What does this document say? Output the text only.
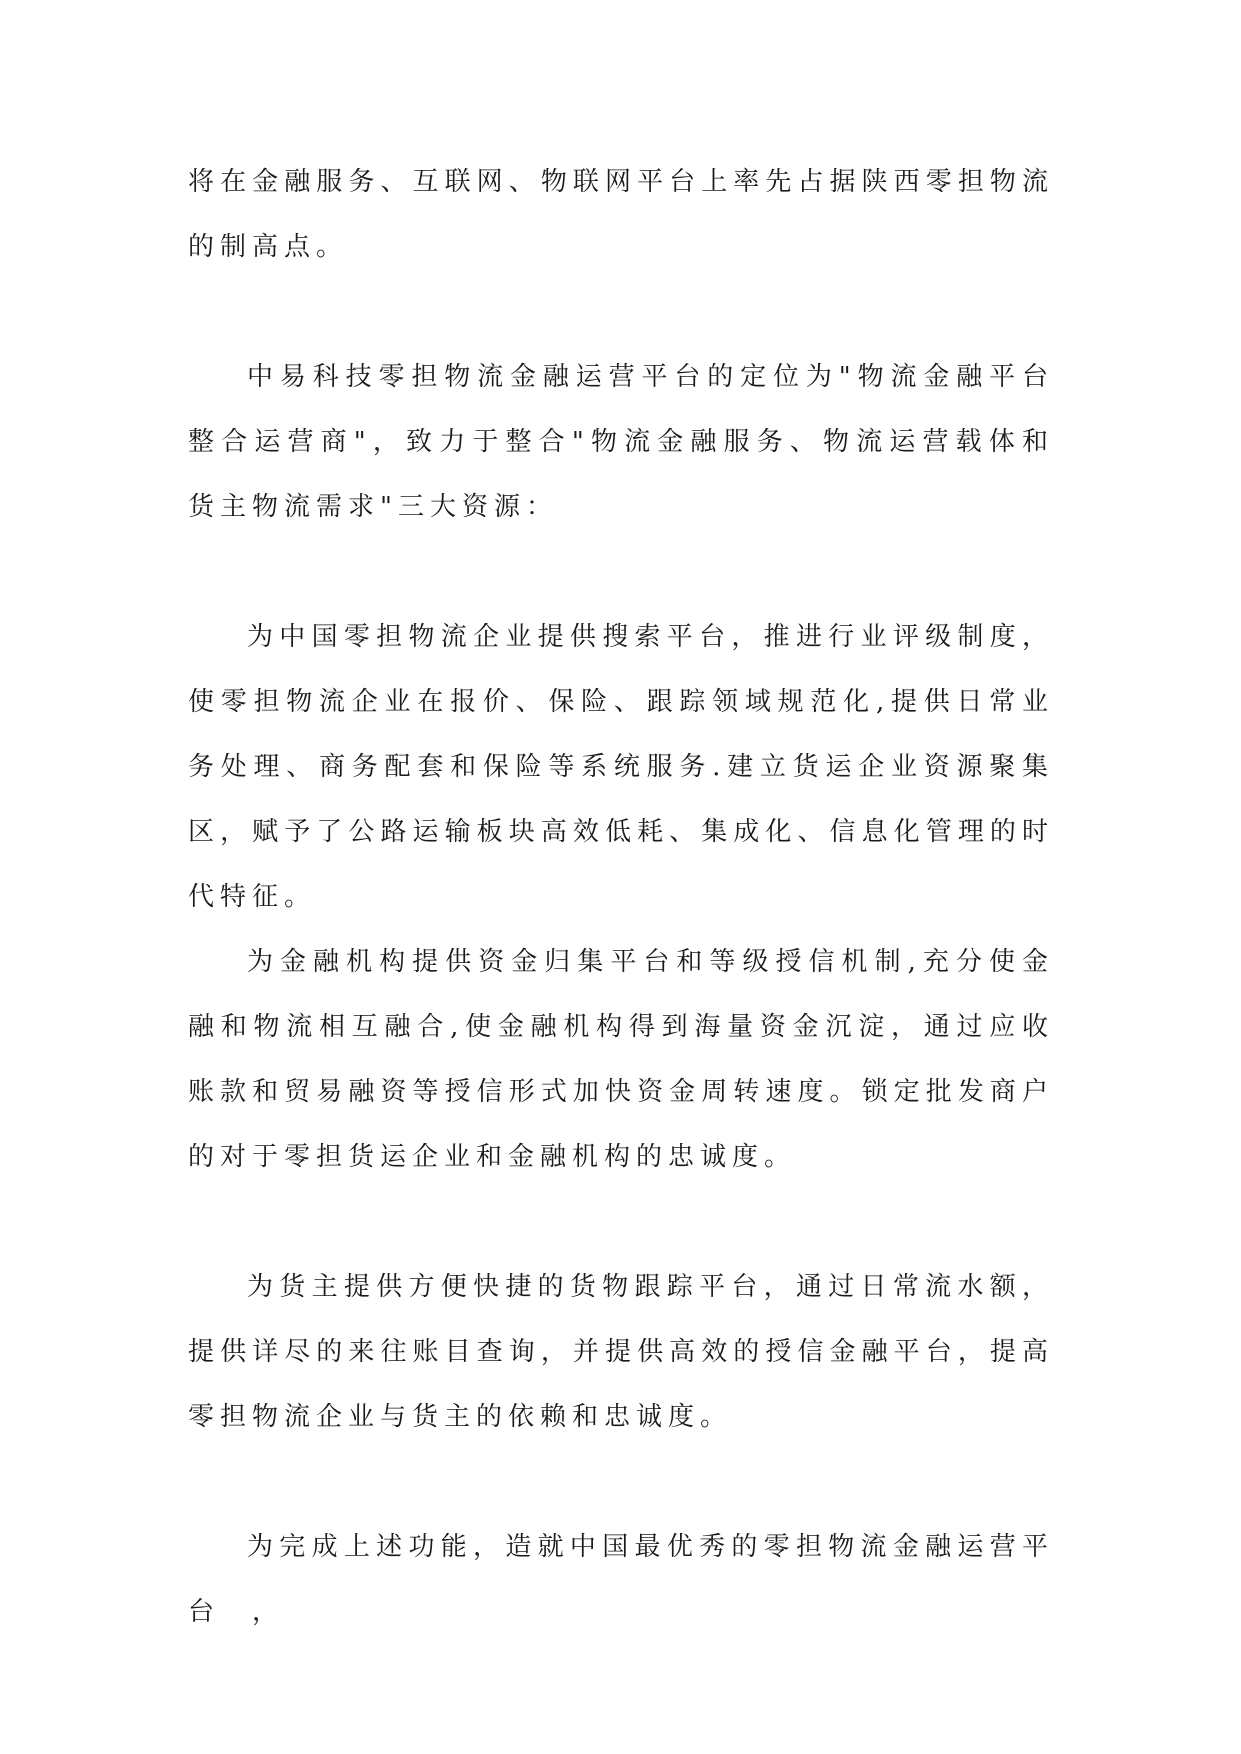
将在金融服务、互联网、物联网平台上率先占据陕西零担物流的制高点。

中易科技零担物流金融运营平台的定位为"物流金融平台整合运营商"，致力于整合"物流金融服务、物流运营载体和货主物流需求"三大资源：

为中国零担物流企业提供搜索平台，推进行业评级制度，使零担物流企业在报价、保险、跟踪领域规范化,提供日常业务处理、商务配套和保险等系统服务.建立货运企业资源聚集区，赋予了公路运输板块高效低耗、集成化、信息化管理的时代特征。

为金融机构提供资金归集平台和等级授信机制,充分使金融和物流相互融合,使金融机构得到海量资金沉淀，通过应收账款和贸易融资等授信形式加快资金周转速度。锁定批发商户的对于零担货运企业和金融机构的忠诚度。

为货主提供方便快捷的货物跟踪平台，通过日常流水额，提供详尽的来往账目查询，并提供高效的授信金融平台，提高零担物流企业与货主的依赖和忠诚度。

为完成上述功能，造就中国最优秀的零担物流金融运营平台　，
